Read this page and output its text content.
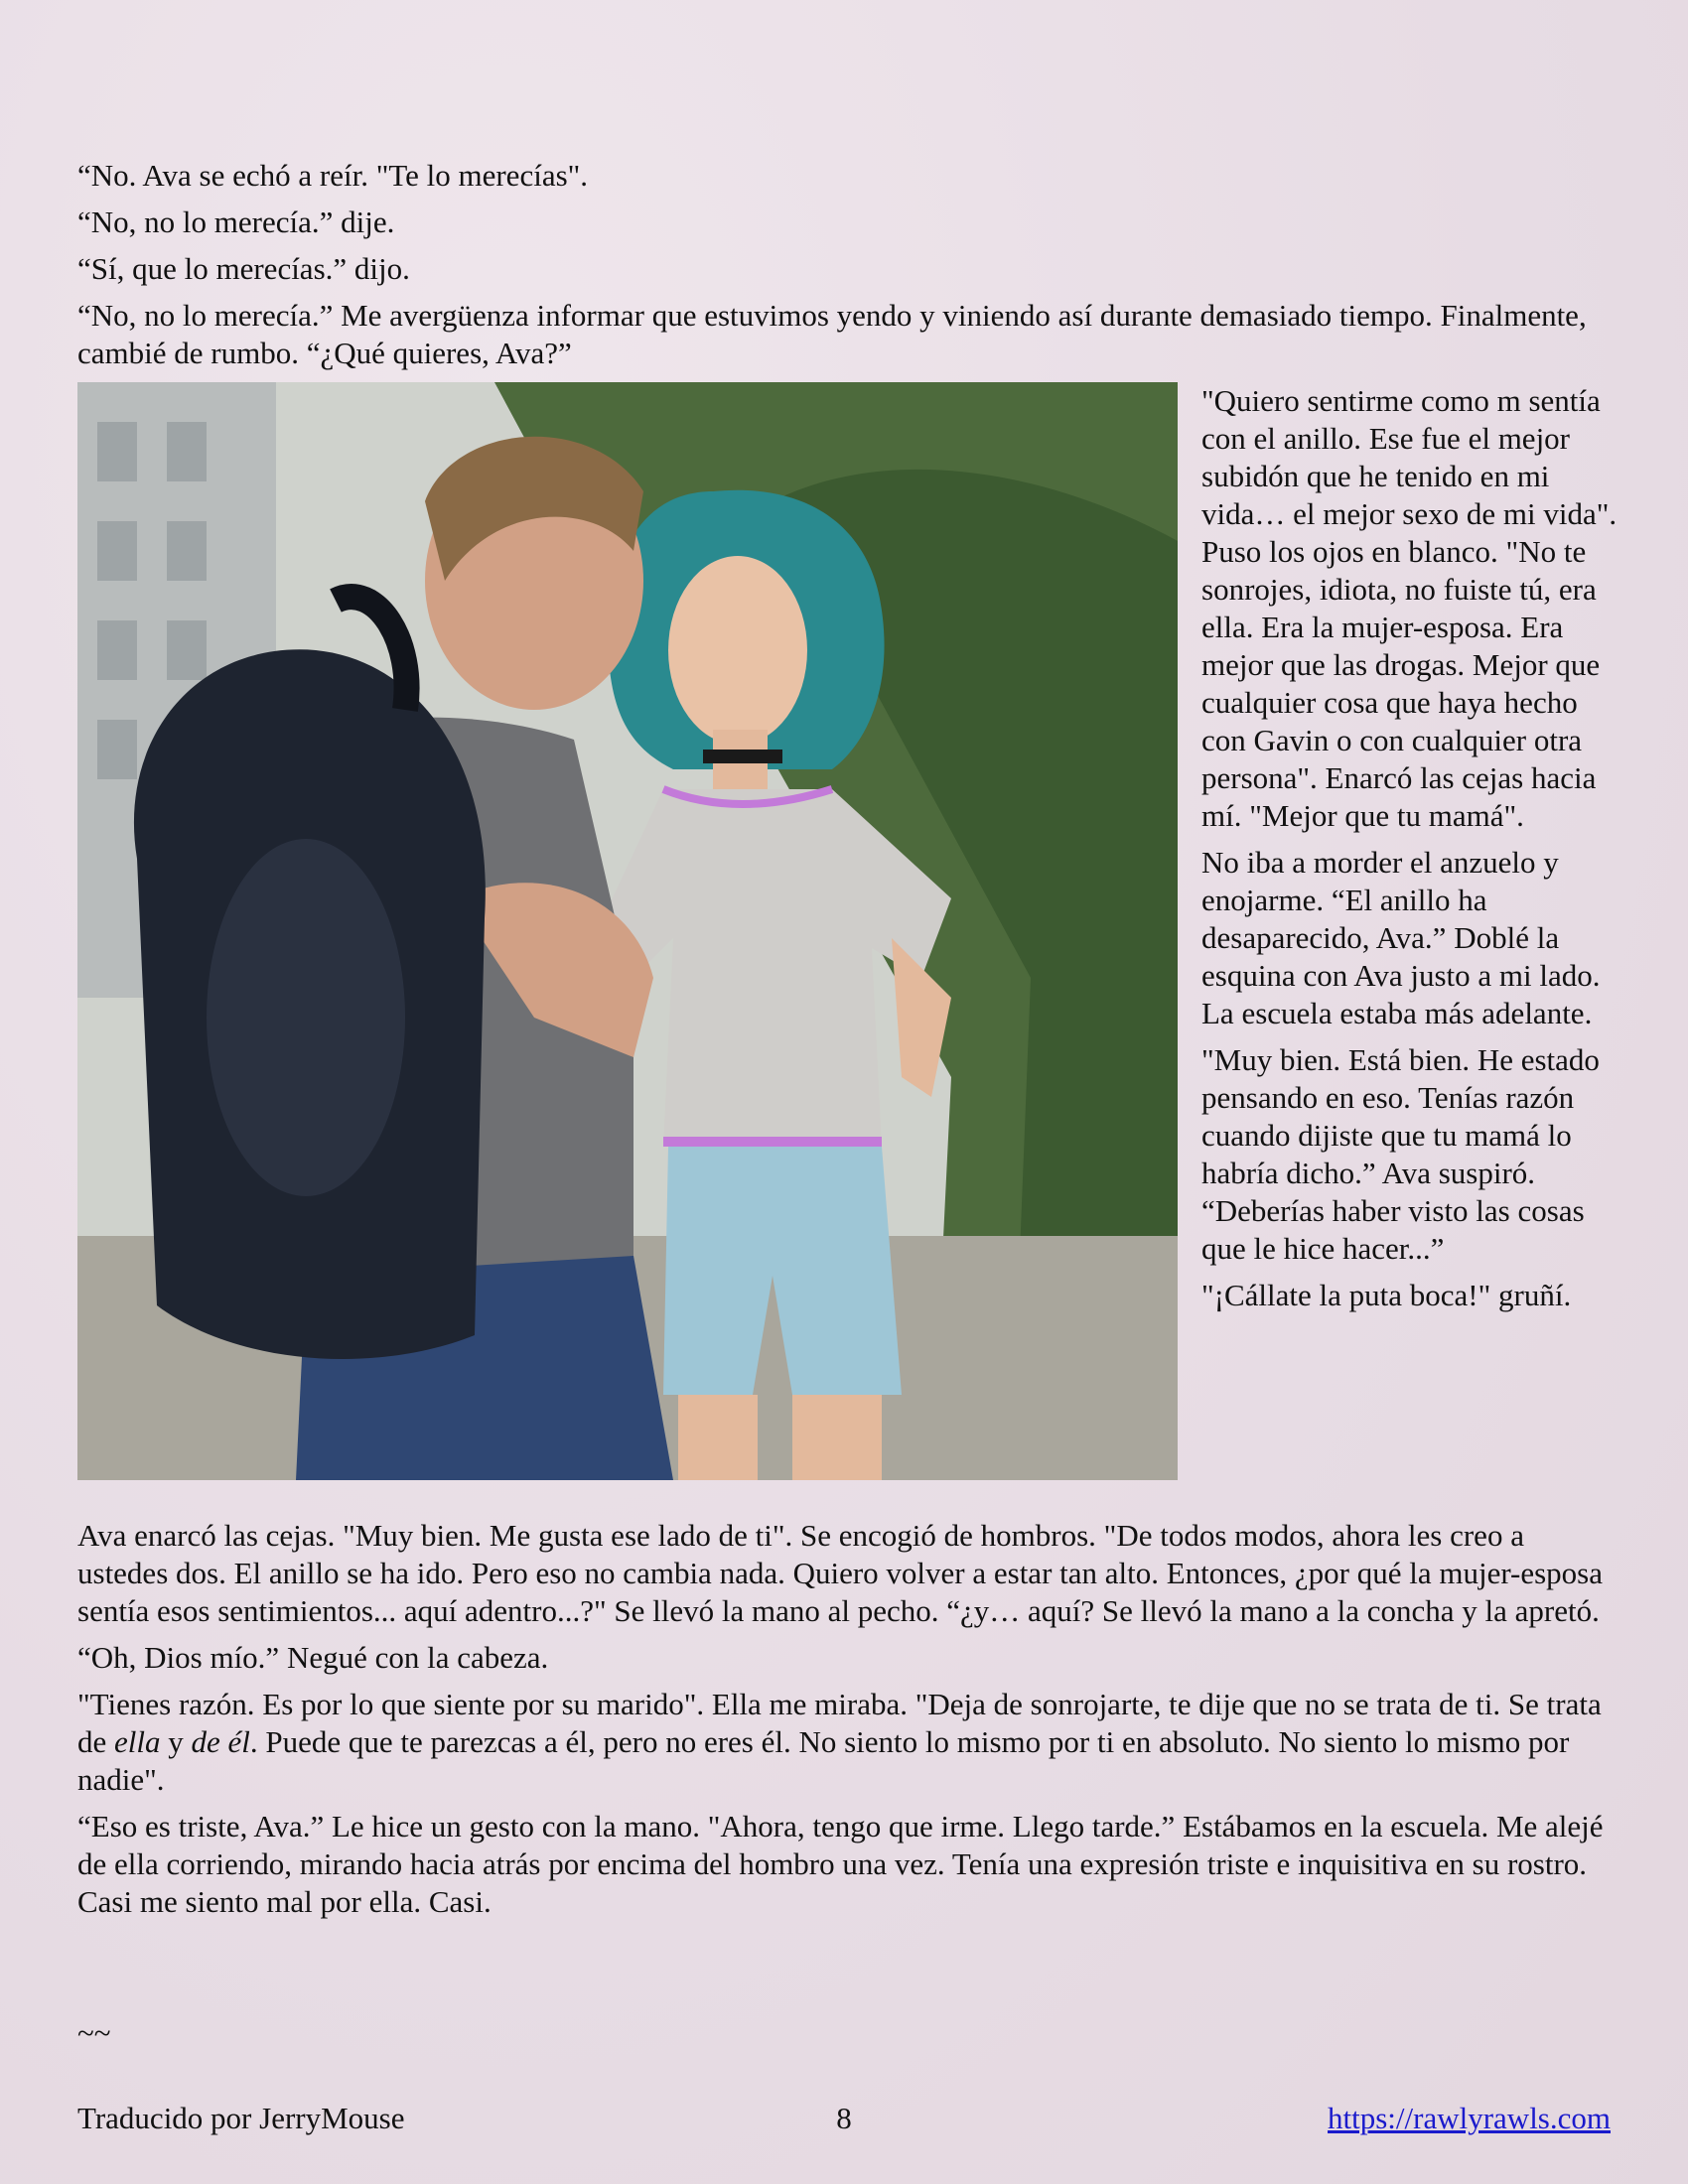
“No. Ava se echó a reír. "Te lo merecías".

“No, no lo merecía.” dije.

“Sí, que lo merecías.” dijo.

“No, no lo merecía.” Me avergüenza informar que estuvimos yendo y viniendo así durante demasiado tiempo. Finalmente, cambié de rumbo. “¿Qué quieres, Ava?”

"Quiero sentirme como m sentía con el anillo. Ese fue el mejor subidón que he tenido en mi vida… el mejor sexo de mi vida". Puso los ojos en blanco. "No te sonrojes, idiota, no fuiste tú, era ella. Era la mujer-esposa. Era mejor que las drogas. Mejor que cualquier cosa que haya hecho con Gavin o con cualquier otra persona". Enarcó las cejas hacia mí. "Mejor que tu mamá".

No iba a morder el anzuelo y enojarme. “El anillo ha desaparecido, Ava.” Doblé la esquina con Ava justo a mi lado. La escuela estaba más adelante.

"Muy bien. Está bien. He estado pensando en eso. Tenías razón cuando dijiste que tu mamá lo habría dicho.” Ava suspiró. “Deberías haber visto las cosas que le hice hacer...”

"¡Cállate la puta boca!" gruñí.

Ava enarcó las cejas. "Muy bien. Me gusta ese lado de ti". Se encogió de hombros. "De todos modos, ahora les creo a ustedes dos. El anillo se ha ido. Pero eso no cambia nada. Quiero volver a estar tan alto. Entonces, ¿por qué la mujer-esposa sentía esos sentimientos... aquí adentro...?" Se llevó la mano al pecho. “¿y… aquí? Se llevó la mano a la concha y la apretó.

“Oh, Dios mío.” Negué con la cabeza.

"Tienes razón. Es por lo que siente por su marido". Ella me miraba. "Deja de sonrojarte, te dije que no se trata de ti. Se trata de ella y de él. Puede que te parezcas a él, pero no eres él. No siento lo mismo por ti en absoluto. No siento lo mismo por nadie".

“Eso es triste, Ava.” Le hice un gesto con la mano. "Ahora, tengo que irme. Llego tarde.” Estábamos en la escuela. Me alejé de ella corriendo, mirando hacia atrás por encima del hombro una vez. Tenía una expresión triste e inquisitiva en su rostro. Casi me siento mal por ella. Casi.

~~
Traducido por JerryMouse	8	https://rawlyrawls.com
